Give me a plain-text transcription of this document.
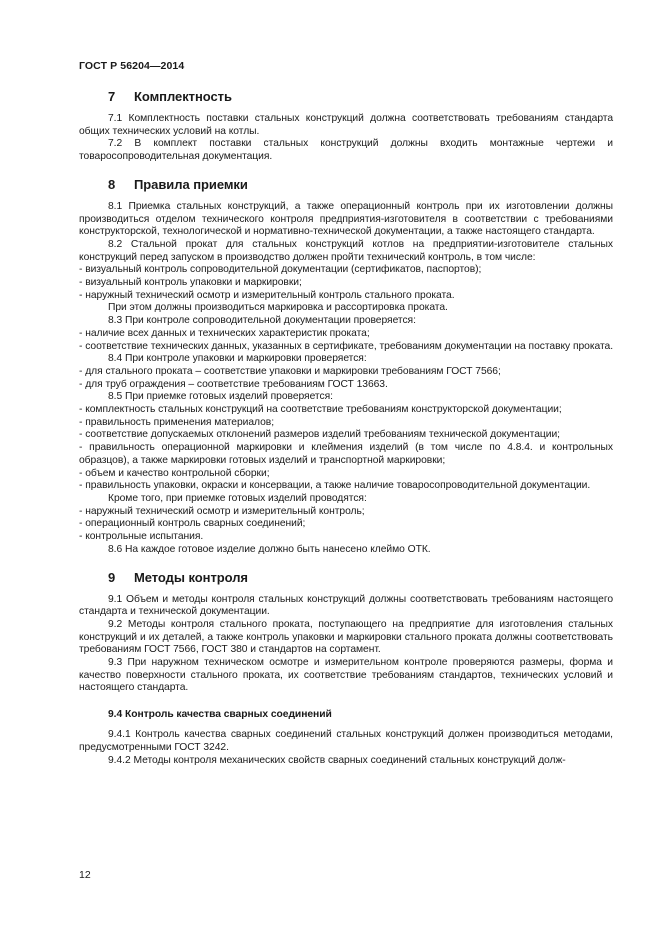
ГОСТ Р 56204—2014
7 Комплектность

7.1 Комплектность поставки стальных конструкций должна соответствовать требованиям стандарта общих технических условий на котлы.

7.2 В комплект поставки стальных конструкций должны входить монтажные чертежи и товаросопроводительная документация.

8 Правила приемки

8.1 Приемка стальных конструкций, а также операционный контроль при их изготовлении должны производиться отделом технического контроля предприятия-изготовителя в соответствии с требованиями конструкторской, технологической и нормативно-технической документации, а также настоящего стандарта.

8.2 Стальной прокат для стальных конструкций котлов на предприятии-изготовителе стальных конструкций перед запуском в производство должен пройти технический контроль, в том числе:

- визуальный контроль сопроводительной документации (сертификатов, паспортов);

- визуальный контроль упаковки и маркировки;

- наружный технический осмотр и измерительный контроль стального проката.

При этом должны производиться маркировка и рассортировка проката.

8.3 При контроле сопроводительной документации проверяется:

- наличие всех данных и технических характеристик проката;

- соответствие технических данных, указанных в сертификате, требованиям документации на поставку проката.

8.4 При контроле упаковки и маркировки проверяется:

- для стального проката – соответствие упаковки и маркировки требованиям ГОСТ 7566;

- для труб ограждения – соответствие требованиям ГОСТ 13663.

8.5 При приемке готовых изделий проверяется:

- комплектность стальных конструкций на соответствие требованиям конструкторской документации;

- правильность применения материалов;

- соответствие допускаемых отклонений размеров изделий требованиям технической документации;

- правильность операционной маркировки и клеймения изделий (в том числе по 4.8.4. и контрольных образцов), а также маркировки готовых изделий и транспортной маркировки;

- объем и качество контрольной сборки;

- правильность упаковки, окраски и консервации, а также наличие товаросопроводительной документации.

Кроме того, при приемке готовых изделий проводятся:

- наружный технический осмотр и измерительный контроль;

- операционный контроль сварных соединений;

- контрольные испытания.

8.6 На каждое готовое изделие должно быть нанесено клеймо ОТК.

9 Методы контроля

9.1 Объем и методы контроля стальных конструкций должны соответствовать требованиям настоящего стандарта и технической документации.

9.2 Методы контроля стального проката, поступающего на предприятие для изготовления стальных конструкций и их деталей, а также контроль упаковки и маркировки стального проката должны соответствовать требованиям ГОСТ 7566, ГОСТ 380 и стандартов на сортамент.

9.3 При наружном техническом осмотре и измерительном контроле проверяются размеры, форма и качество поверхности стального проката, их соответствие требованиям стандартов, технических условий и настоящего стандарта.

9.4 Контроль качества сварных соединений

9.4.1 Контроль качества сварных соединений стальных конструкций должен производиться методами, предусмотренными ГОСТ 3242.

9.4.2 Методы контроля механических свойств сварных соединений стальных конструкций долж-

12
